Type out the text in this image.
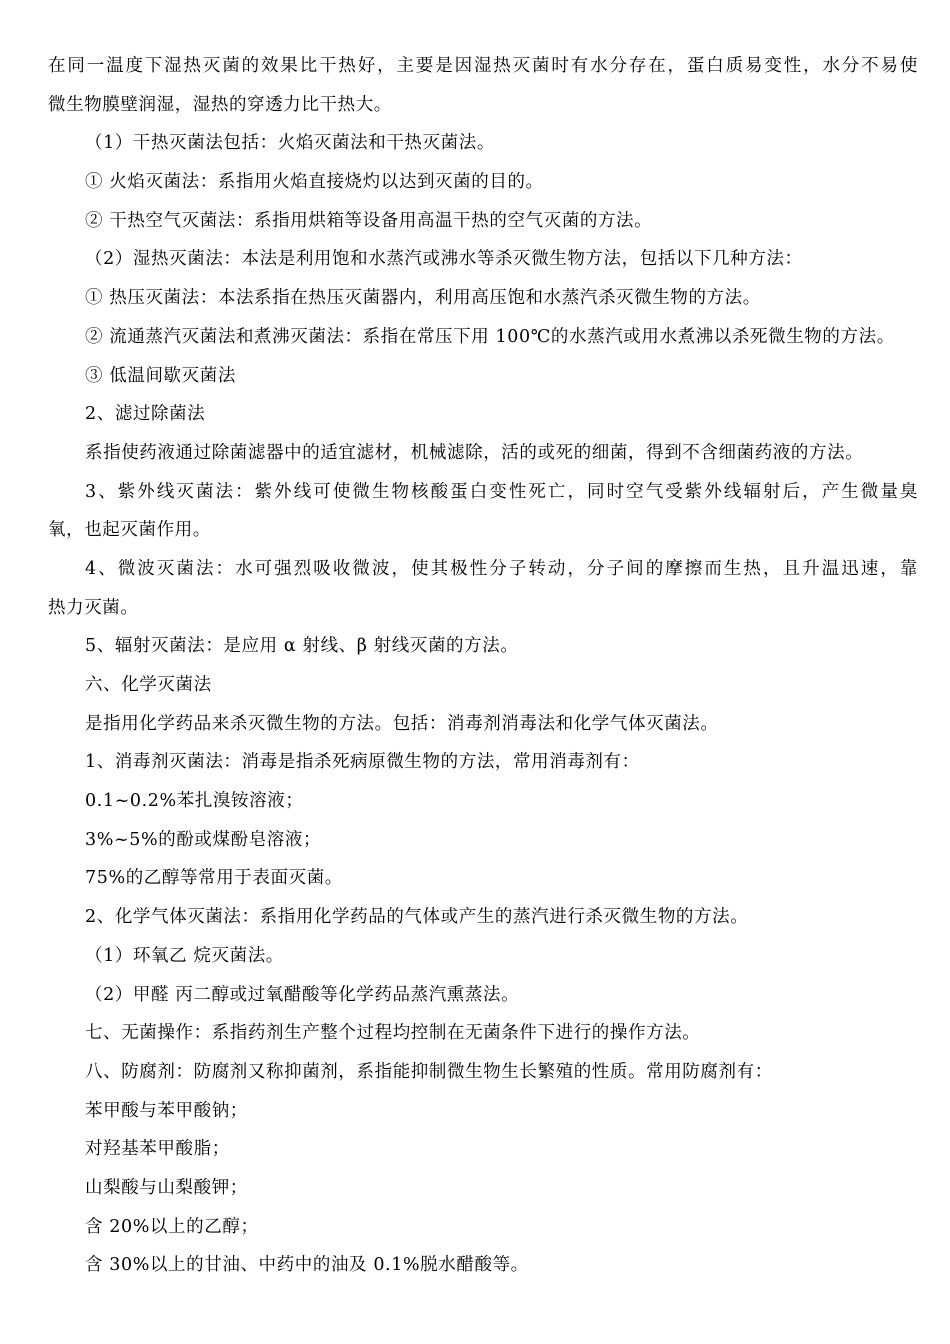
在同一温度下湿热灭菌的效果比干热好，主要是因湿热灭菌时有水分存在，蛋白质易变性，水分不易使
微生物膜壁润湿，湿热的穿透力比干热大。
（1）干热灭菌法包括：火焰灭菌法和干热灭菌法。
① 火焰灭菌法：系指用火焰直接烧灼以达到灭菌的目的。
② 干热空气灭菌法：系指用烘箱等设备用高温干热的空气灭菌的方法。
（2）湿热灭菌法：本法是利用饱和水蒸汽或沸水等杀灭微生物方法，包括以下几种方法：
① 热压灭菌法：本法系指在热压灭菌器内，利用高压饱和水蒸汽杀灭微生物的方法。
② 流通蒸汽灭菌法和煮沸灭菌法：系指在常压下用 100℃的水蒸汽或用水煮沸以杀死微生物的方法。
③ 低温间歇灭菌法
2、滤过除菌法
系指使药液通过除菌滤器中的适宜滤材，机械滤除，活的或死的细菌，得到不含细菌药液的方法。
3、紫外线灭菌法：紫外线可使微生物核酸蛋白变性死亡，同时空气受紫外线辐射后，产生微量臭
氧，也起灭菌作用。
4、微波灭菌法：水可强烈吸收微波，使其极性分子转动，分子间的摩擦而生热，且升温迅速，靠
热力灭菌。
5、辐射灭菌法：是应用 α 射线、β 射线灭菌的方法。
六、化学灭菌法
是指用化学药品来杀灭微生物的方法。包括：消毒剂消毒法和化学气体灭菌法。
1、消毒剂灭菌法：消毒是指杀死病原微生物的方法，常用消毒剂有：
0.1~0.2%苯扎溴铵溶液；
3%~5%的酚或煤酚皂溶液；
75%的乙醇等常用于表面灭菌。
2、化学气体灭菌法：系指用化学药品的气体或产生的蒸汽进行杀灭微生物的方法。
（1）环氧乙 烷灭菌法。
（2）甲醛 丙二醇或过氧醋酸等化学药品蒸汽熏蒸法。
七、无菌操作：系指药剂生产整个过程均控制在无菌条件下进行的操作方法。
八、防腐剂：防腐剂又称抑菌剂，系指能抑制微生物生长繁殖的性质。常用防腐剂有：
苯甲酸与苯甲酸钠；
对羟基苯甲酸脂；
山梨酸与山梨酸钾；
含 20%以上的乙醇；
含 30%以上的甘油、中药中的油及 0.1%脱水醋酸等。
